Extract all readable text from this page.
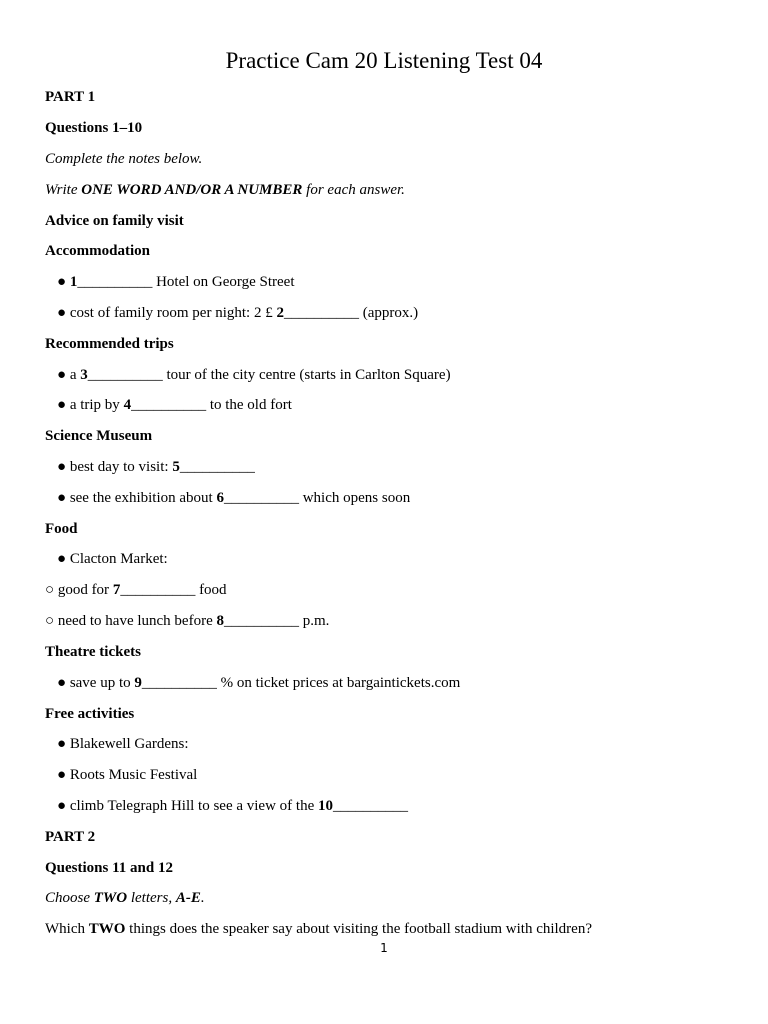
Practice Cam 20 Listening Test 04
PART 1
Questions 1–10
Complete the notes below.
Write ONE WORD AND/OR A NUMBER for each answer.
Advice on family visit
Accommodation
● 1__________ Hotel on George Street
● cost of family room per night: 2 £ 2__________ (approx.)
Recommended trips
● a 3__________ tour of the city centre (starts in Carlton Square)
● a trip by 4__________ to the old fort
Science Museum
● best day to visit: 5__________
● see the exhibition about 6__________ which opens soon
Food
● Clacton Market:
○ good for 7__________ food
○ need to have lunch before 8__________ p.m.
Theatre tickets
● save up to 9__________ % on ticket prices at bargaintickets.com
Free activities
● Blakewell Gardens:
● Roots Music Festival
● climb Telegraph Hill to see a view of the 10__________
PART 2
Questions 11 and 12
Choose TWO letters, A-E.
Which TWO things does the speaker say about visiting the football stadium with children?
1
